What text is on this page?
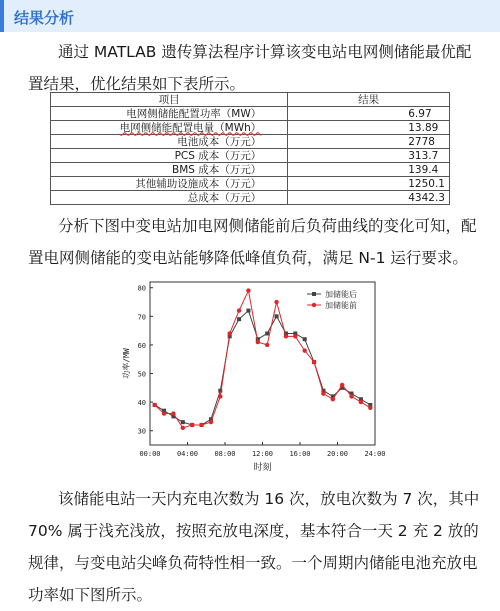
结果分析
通过 MATLAB 遗传算法程序计算该变电站电网侧储能最优配置结果，优化结果如下表所示。
项目	结果
电网侧储能配置功率（MW）	6.97
电网侧储能配置电量（MWh）	13.89
电池成本（万元）	2778
PCS 成本（万元）	313.7
BMS 成本（万元）	139.4
其他辅助设施成本（万元）	1250.1
总成本（万元）	4342.3
分析下图中变电站加电网侧储能前后负荷曲线的变化可知，配置电网侧储能的变电站能够降低峰值负荷，满足 N-1 运行要求。
30
40
50
60
70
80
00:00 04:00 08:00 12:00 16:00 20:00 24:00
功率/MW
时刻
加储能后
加储能前
该储能电站一天内充电次数为 16 次，放电次数为 7 次，其中 70% 属于浅充浅放，按照充放电深度，基本符合一天 2 充 2 放的规律，与变电站尖峰负荷特性相一致。一个周期内储能电池充放电功率如下图所示。
